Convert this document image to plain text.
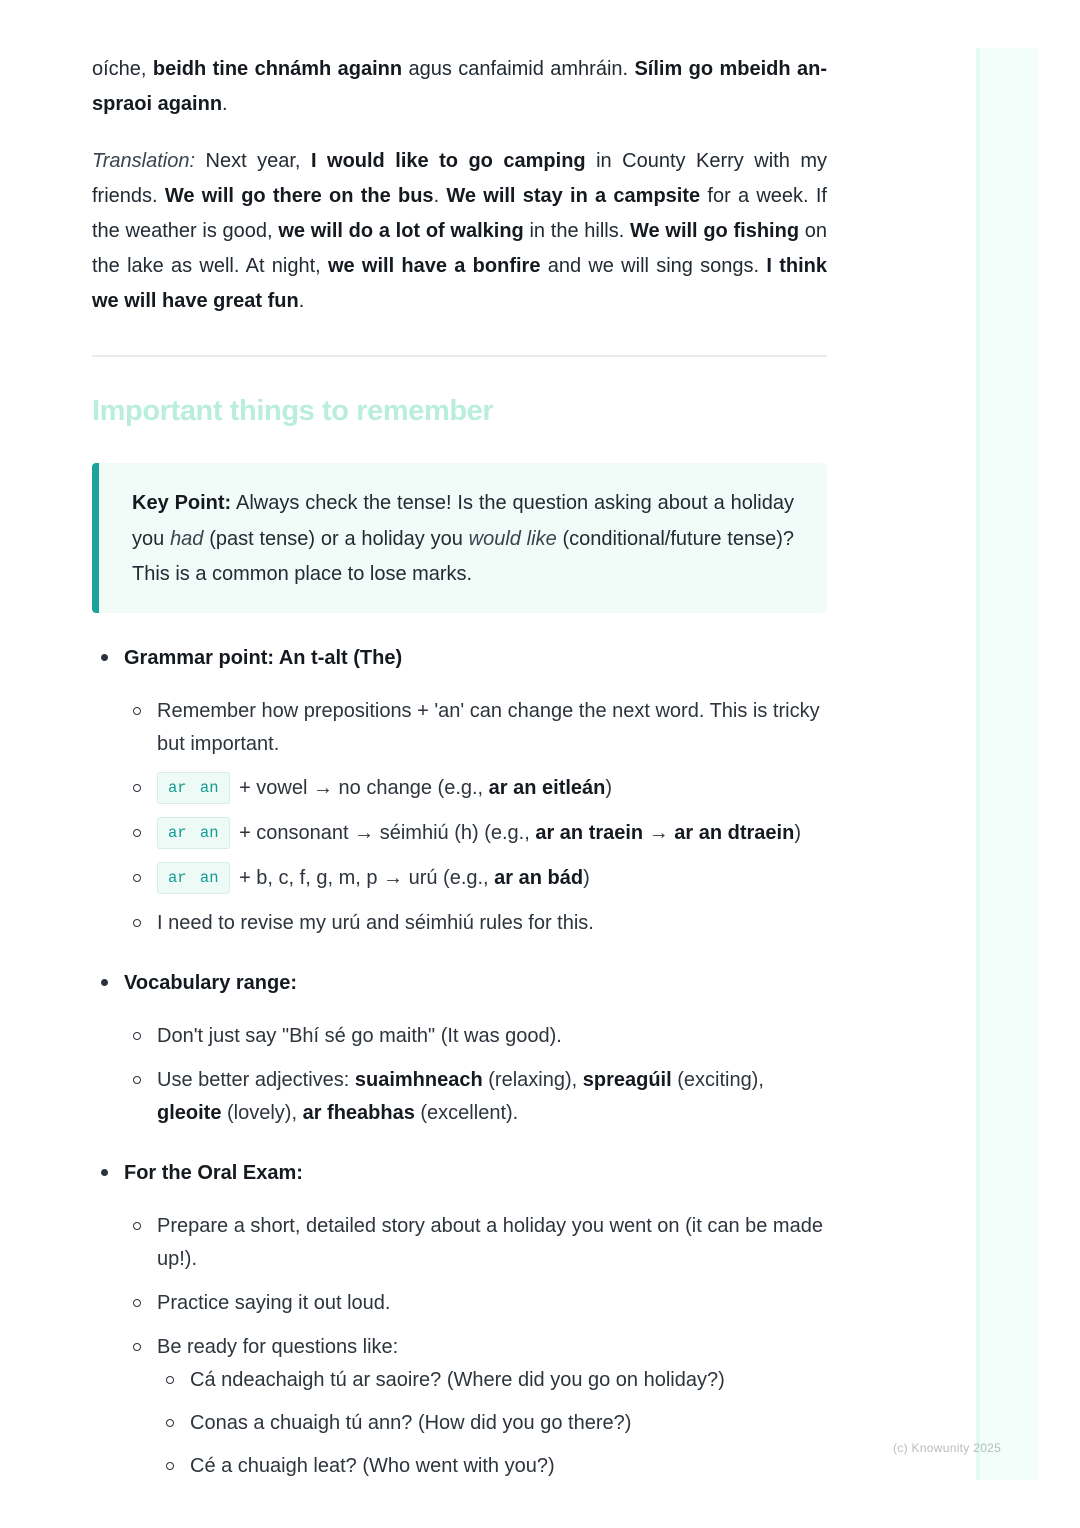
(c) Knowunity 2025

oíche, beidh tine chnámh againn agus canfaimid amhráin. Sílim go mbeidh an-spraoi againn.

Translation: Next year, I would like to go camping in County Kerry with my friends. We will go there on the bus. We will stay in a campsite for a week. If the weather is good, we will do a lot of walking in the hills. We will go fishing on the lake as well. At night, we will have a bonfire and we will sing songs. I think we will have great fun.

Important things to remember

Key Point: Always check the tense! Is the question asking about a holiday you had (past tense) or a holiday you would like (conditional/future tense)? This is a common place to lose marks.

Grammar point: An t-alt (The)
Remember how prepositions + 'an' can change the next word. This is tricky but important.
ar an + vowel → no change (e.g., ar an eitleán)
ar an + consonant → séimhiú (h) (e.g., ar an traein → ar an dtraein)
ar an + b, c, f, g, m, p → urú (e.g., ar an bád)
I need to revise my urú and séimhiú rules for this.
Vocabulary range:
Don't just say "Bhí sé go maith" (It was good).
Use better adjectives: suaimhneach (relaxing), spreagúil (exciting), gleoite (lovely), ar fheabhas (excellent).
For the Oral Exam:
Prepare a short, detailed story about a holiday you went on (it can be made up!).
Practice saying it out loud.
Be ready for questions like:
Cá ndeachaigh tú ar saoire? (Where did you go on holiday?)
Conas a chuaigh tú ann? (How did you go there?)
Cé a chuaigh leat? (Who went with you?)
